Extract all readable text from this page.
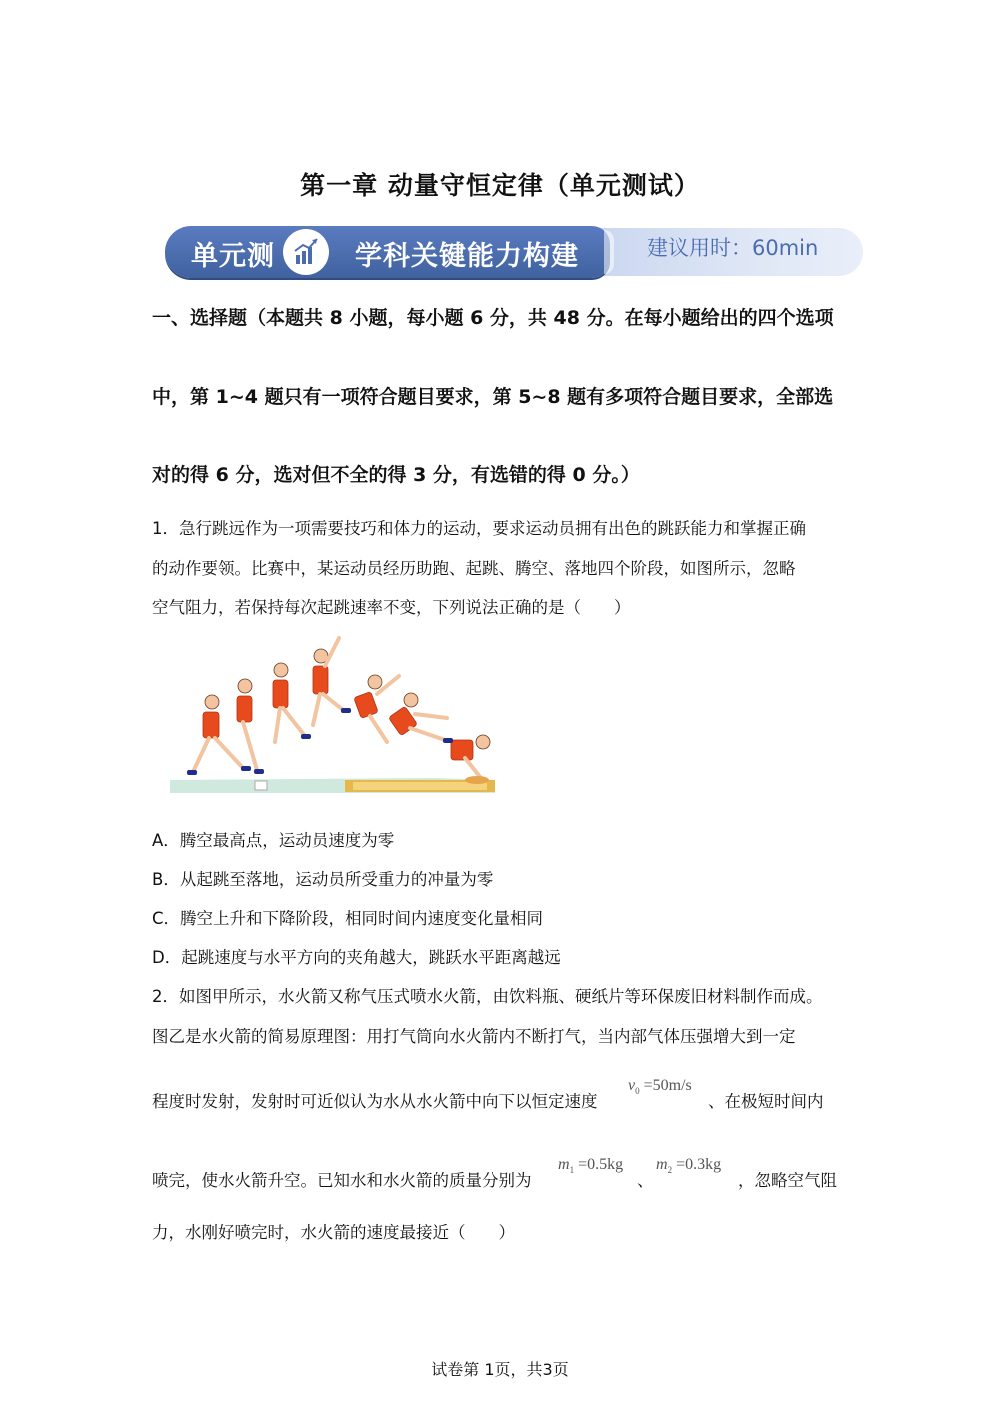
第一章 动量守恒定律（单元测试）
单元测	学科关键能力构建	建议用时：60min
一、选择题（本题共 8 小题，每小题 6 分，共 48 分。在每小题给出的四个选项
中，第 1~4 题只有一项符合题目要求，第 5~8 题有多项符合题目要求，全部选
对的得 6 分，选对但不全的得 3 分，有选错的得 0 分。）
1．急行跳远作为一项需要技巧和体力的运动，要求运动员拥有出色的跳跃能力和掌握正确
的动作要领。比赛中，某运动员经历助跑、起跳、腾空、落地四个阶段，如图所示，忽略
空气阻力，若保持每次起跳速率不变，下列说法正确的是（　　）
A．腾空最高点，运动员速度为零
B．从起跳至落地，运动员所受重力的冲量为零
C．腾空上升和下降阶段，相同时间内速度变化量相同
D．起跳速度与水平方向的夹角越大，跳跃水平距离越远
2．如图甲所示，水火箭又称气压式喷水火箭，由饮料瓶、硬纸片等环保废旧材料制作而成。
图乙是水火箭的简易原理图：用打气筒向水火箭内不断打气，当内部气体压强增大到一定
程度时发射，发射时可近似认为水从水火箭中向下以恒定速度
$v_0 =50m/s$
、在极短时间内
喷完，使水火箭升空。已知水和水火箭的质量分别为
$m_1 =0.5kg$
、
$m_2 =0.3kg$
，忽略空气阻
力，水刚好喷完时，水火箭的速度最接近（　　）
试卷第 1页，共3页
